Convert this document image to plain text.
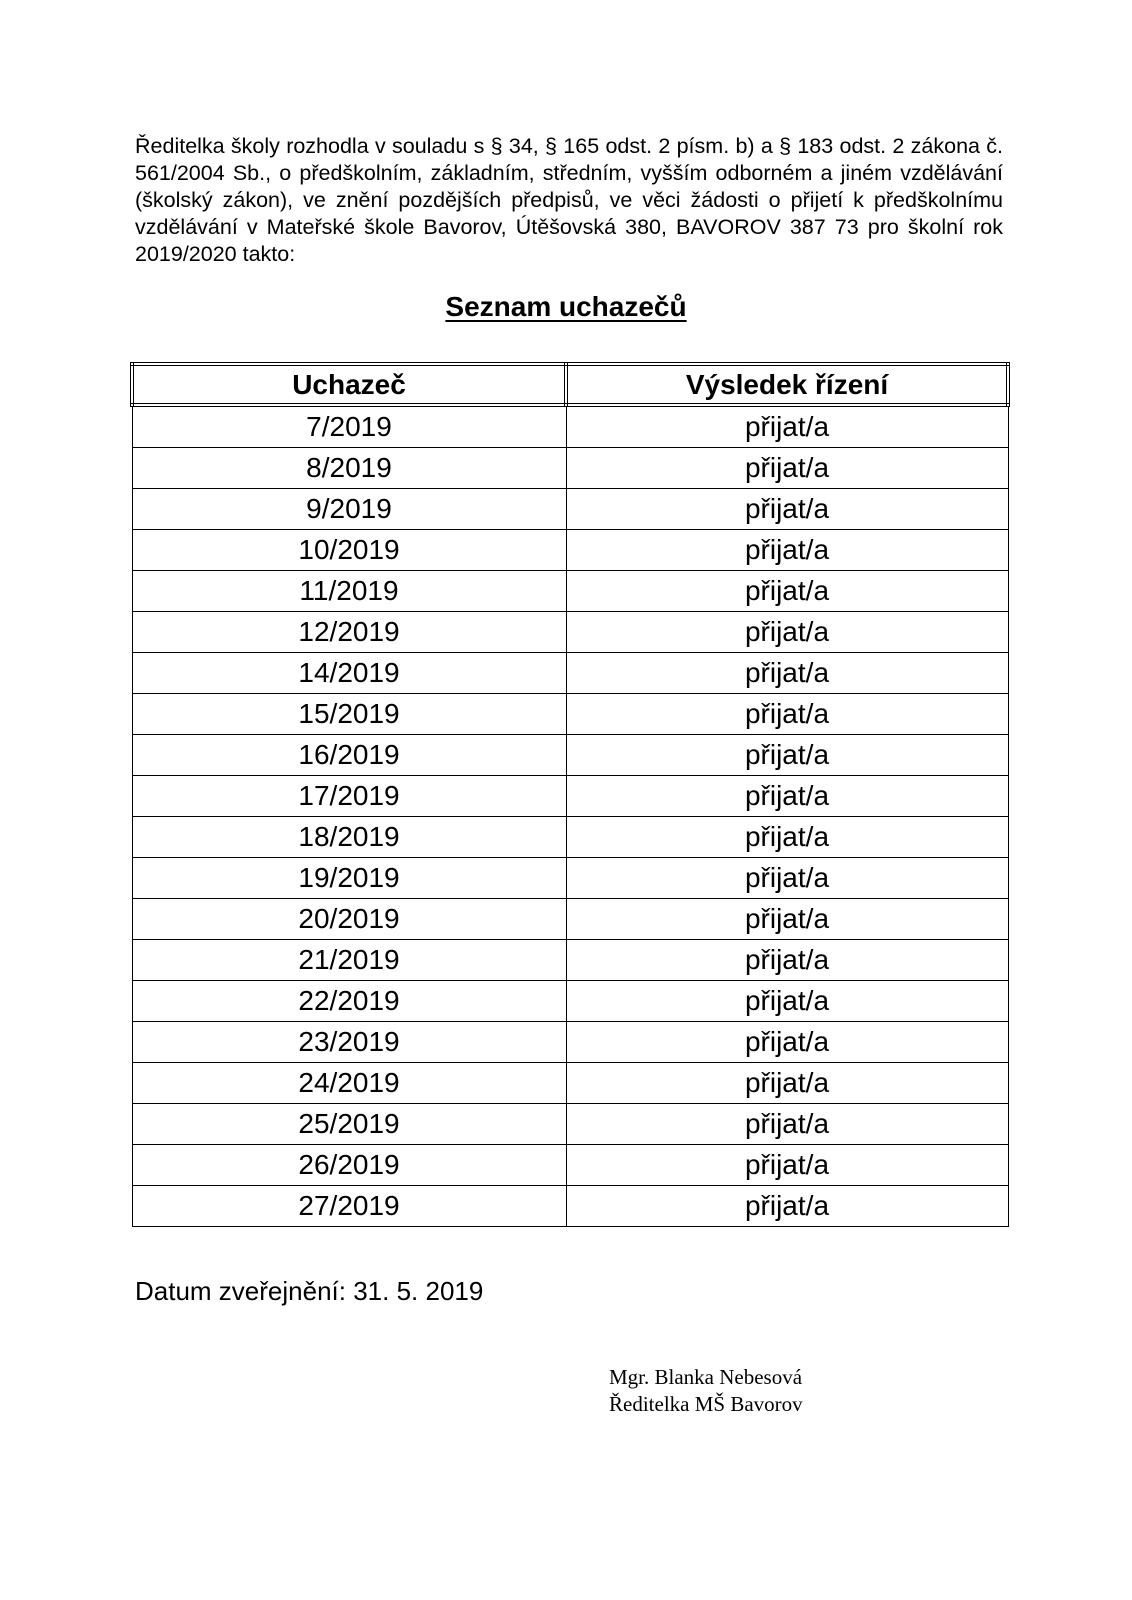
Ředitelka školy rozhodla v souladu s § 34, § 165 odst. 2 písm. b) a § 183 odst. 2 zákona č. 561/2004 Sb., o předškolním, základním, středním, vyšším odborném a jiném vzdělávání (školský zákon), ve znění pozdějších předpisů, ve věci žádosti o přijetí k předškolnímu vzdělávání v Mateřské škole Bavorov, Útěšovská 380, BAVOROV 387 73 pro školní rok 2019/2020 takto:

Seznam uchazečů
Uchazeč	Výsledek řízení
7/2019	přijat/a
8/2019	přijat/a
9/2019	přijat/a
10/2019	přijat/a
11/2019	přijat/a
12/2019	přijat/a
14/2019	přijat/a
15/2019	přijat/a
16/2019	přijat/a
17/2019	přijat/a
18/2019	přijat/a
19/2019	přijat/a
20/2019	přijat/a
21/2019	přijat/a
22/2019	přijat/a
23/2019	přijat/a
24/2019	přijat/a
25/2019	přijat/a
26/2019	přijat/a
27/2019	přijat/a

Datum zveřejnění: 31. 5. 2019

Mgr. Blanka Nebesová
Ředitelka MŠ Bavorov
